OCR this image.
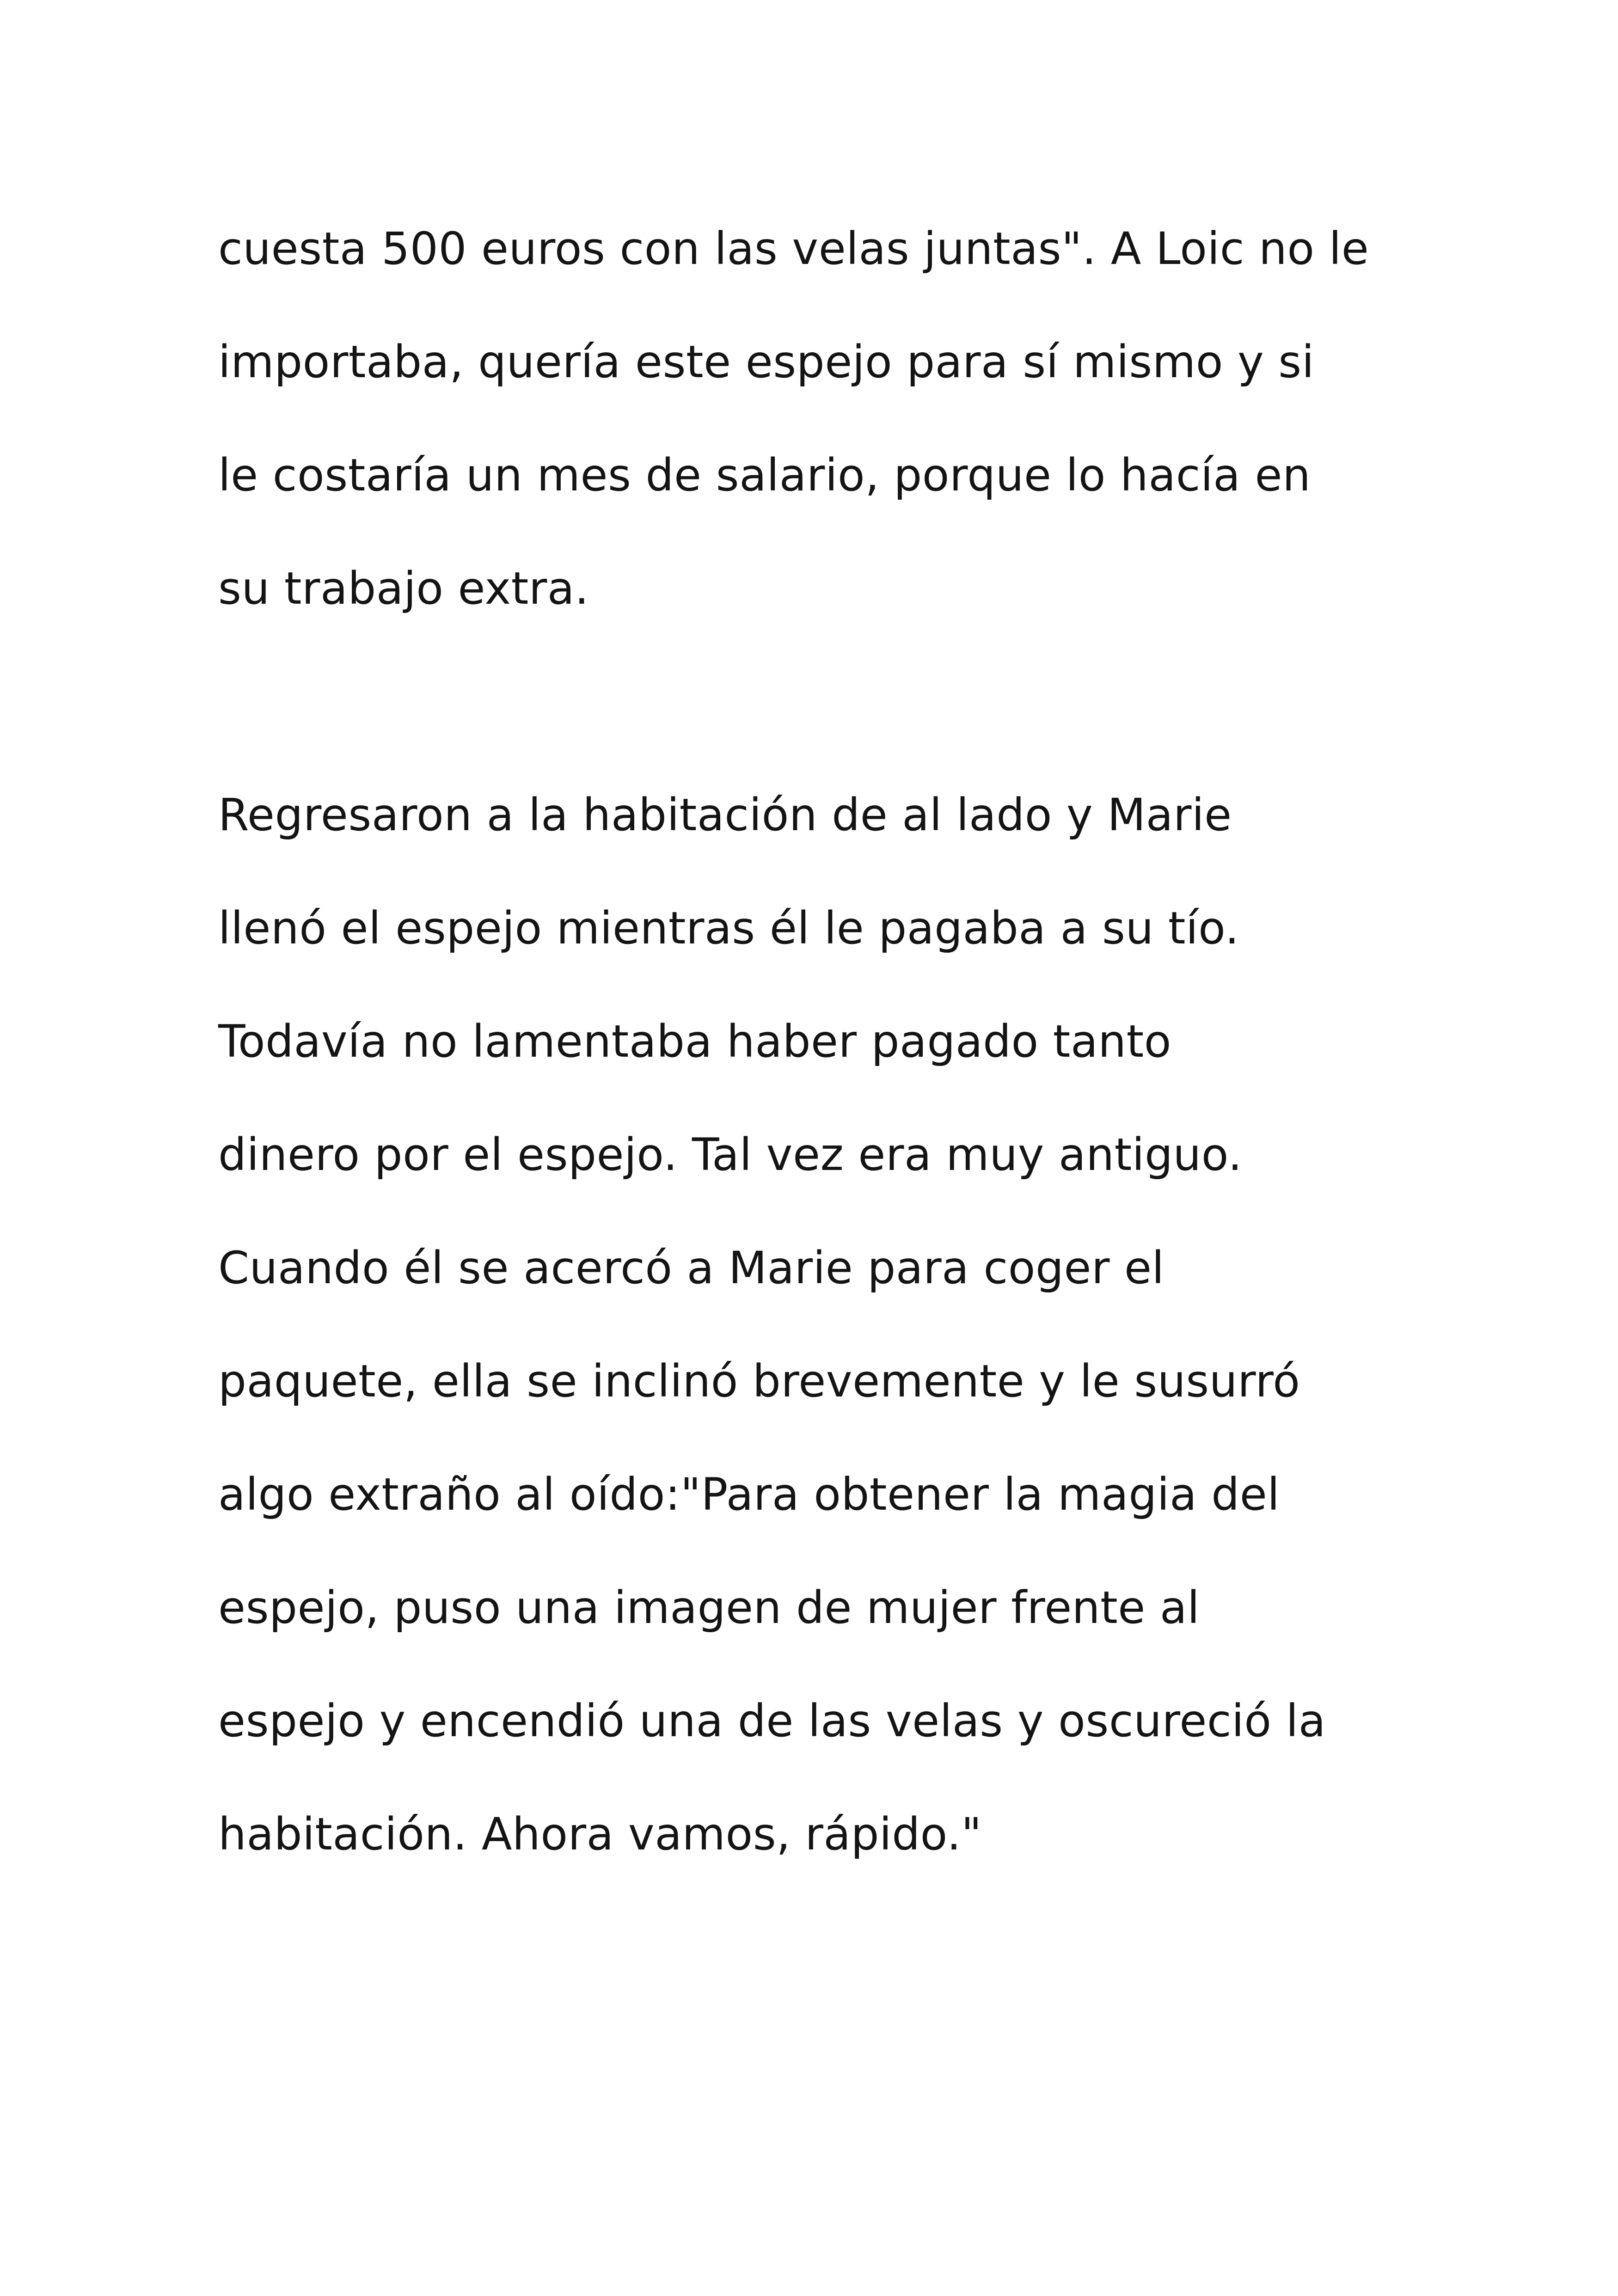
cuesta 500 euros con las velas juntas". A Loic no le

importaba, quería este espejo para sí mismo y si

le costaría un mes de salario, porque lo hacía en

su trabajo extra.

Regresaron a la habitación de al lado y Marie

llenó el espejo mientras él le pagaba a su tío.

Todavía no lamentaba haber pagado tanto

dinero por el espejo. Tal vez era muy antiguo.

Cuando él se acercó a Marie para coger el

paquete, ella se inclinó brevemente y le susurró

algo extraño al oído:"Para obtener la magia del

espejo, puso una imagen de mujer frente al

espejo y encendió una de las velas y oscureció la

habitación. Ahora vamos, rápido."
